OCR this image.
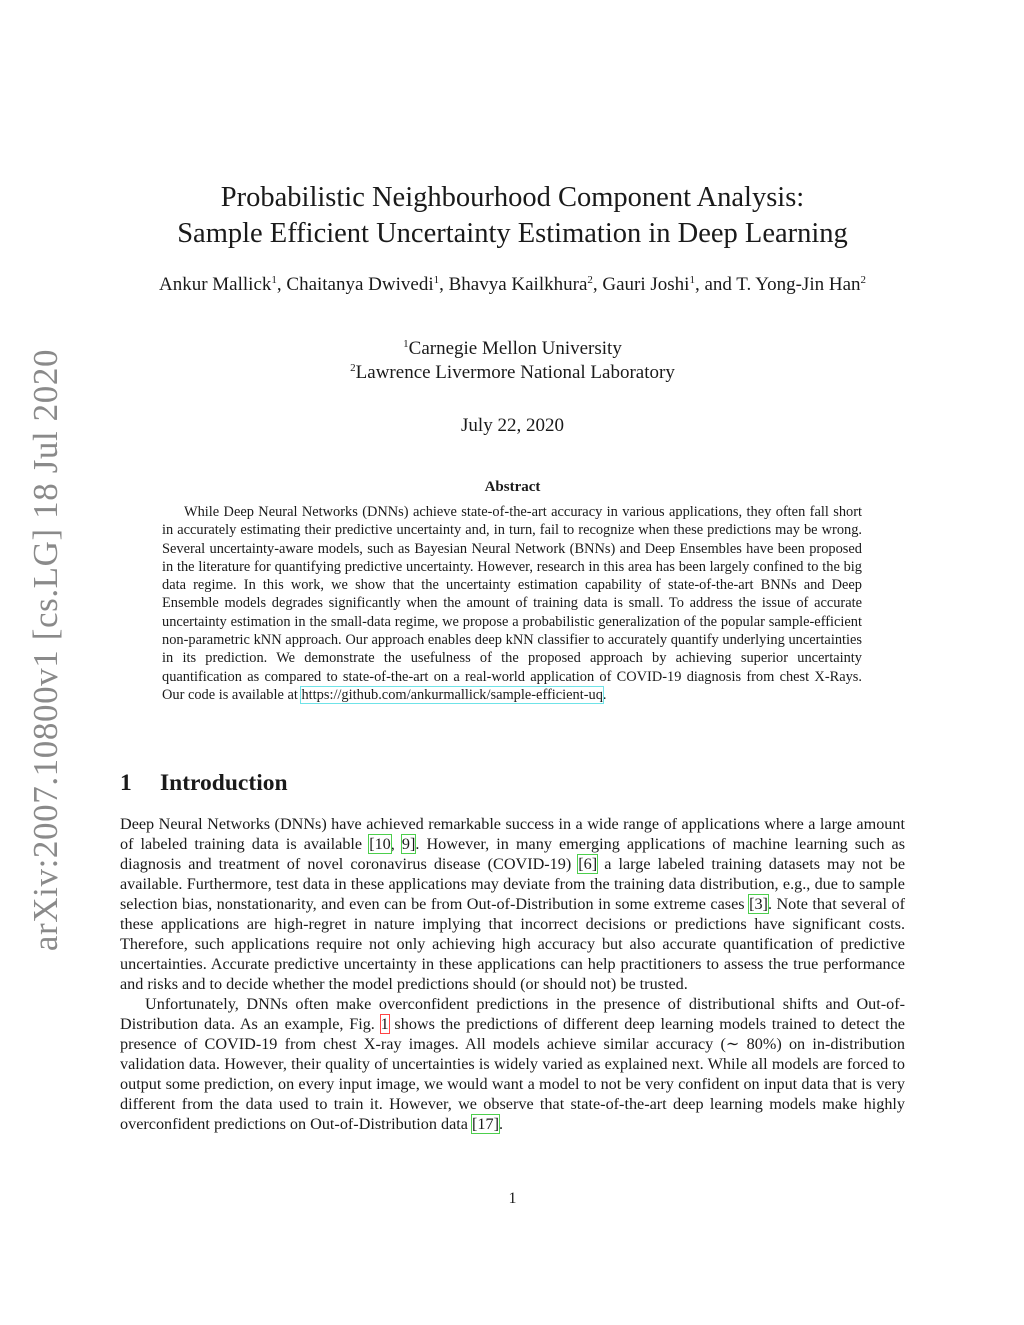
arXiv:2007.10800v1 [cs.LG] 18 Jul 2020
Probabilistic Neighbourhood Component Analysis:
Sample Efficient Uncertainty Estimation in Deep Learning
Ankur Mallick$^1$, Chaitanya Dwivedi$^1$, Bhavya Kailkhura$^2$, Gauri Joshi$^1$, and T. Yong-Jin Han$^2$
$^1$Carnegie Mellon University
$^2$Lawrence Livermore National Laboratory
July 22, 2020
Abstract
While Deep Neural Networks (DNNs) achieve state-of-the-art accuracy in various applications, they often fall short in accurately estimating their predictive uncertainty and, in turn, fail to recognize when these predictions may be wrong. Several uncertainty-aware models, such as Bayesian Neural Network (BNNs) and Deep Ensembles have been proposed in the literature for quantifying predictive uncertainty. However, research in this area has been largely confined to the big data regime. In this work, we show that the uncertainty estimation capability of state-of-the-art BNNs and Deep Ensemble models degrades significantly when the amount of training data is small. To address the issue of accurate uncertainty estimation in the small-data regime, we propose a probabilistic generalization of the popular sample-efficient non-parametric kNN approach. Our approach enables deep kNN classifier to accurately quantify underlying uncertainties in its prediction. We demonstrate the usefulness of the proposed approach by achieving superior uncertainty quantification as compared to state-of-the-art on a real-world application of COVID-19 diagnosis from chest X-Rays. Our code is available at https://github.com/ankurmallick/sample-efficient-uq.
1 Introduction

Deep Neural Networks (DNNs) have achieved remarkable success in a wide range of applications where a large amount of labeled training data is available [10, 9]. However, in many emerging applications of machine learning such as diagnosis and treatment of novel coronavirus disease (COVID-19) [6] a large labeled training datasets may not be available. Furthermore, test data in these applications may deviate from the training data distribution, e.g., due to sample selection bias, nonstationarity, and even can be from Out-of-Distribution in some extreme cases [3]. Note that several of these applications are high-regret in nature implying that incorrect decisions or predictions have significant costs. Therefore, such applications require not only achieving high accuracy but also accurate quantification of predictive uncertainties. Accurate predictive uncertainty in these applications can help practitioners to assess the true performance and risks and to decide whether the model predictions should (or should not) be trusted.

Unfortunately, DNNs often make overconfident predictions in the presence of distributional shifts and Out-of-Distribution data. As an example, Fig. 1 shows the predictions of different deep learning models trained to detect the presence of COVID-19 from chest X-ray images. All models achieve similar accuracy (∼ 80%) on in-distribution validation data. However, their quality of uncertainties is widely varied as explained next. While all models are forced to output some prediction, on every input image, we would want a model to not be very confident on input data that is very different from the data used to train it. However, we observe that state-of-the-art deep learning models make highly overconfident predictions on Out-of-Distribution data [17].

1
